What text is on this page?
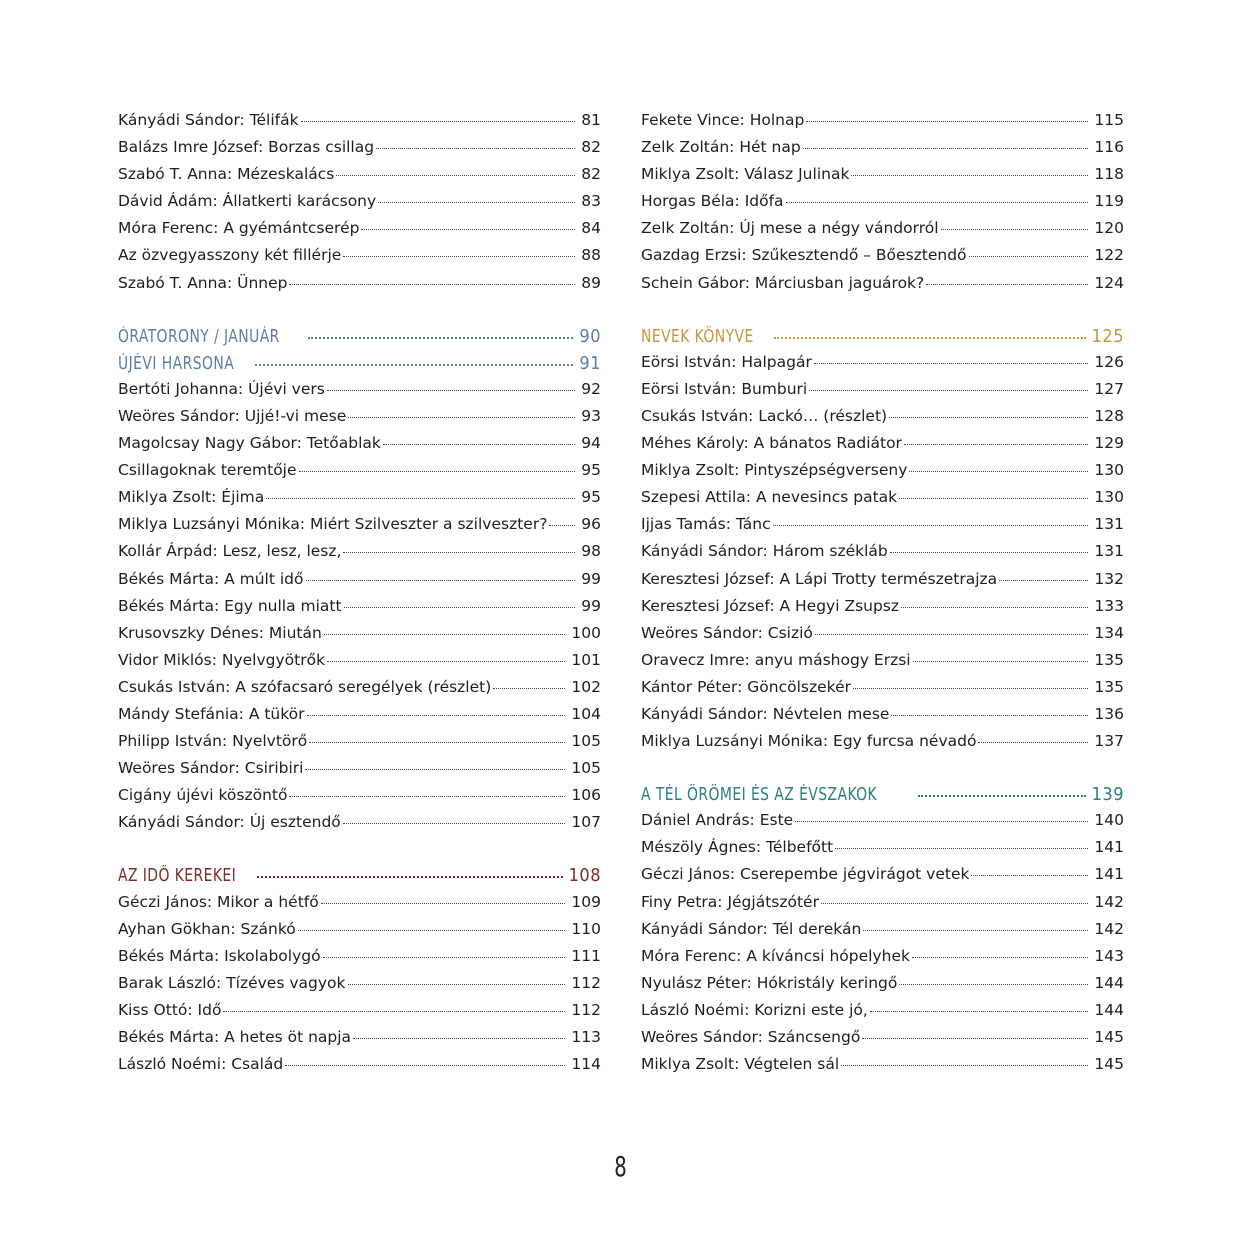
Kányádi Sándor: Télifák	81
Balázs Imre József: Borzas csillag	82
Szabó T. Anna: Mézeskalács	82
Dávid Ádám: Állatkerti karácsony	83
Móra Ferenc: A gyémántcserép	84
Az özvegyasszony két fillérje	88
Szabó T. Anna: Ünnep	89
ÓRATORONY / JANUÁR	90
ÚJÉVI HARSONA	91
Bertóti Johanna: Újévi vers	92
Weöres Sándor: Ujjé!-vi mese	93
Magolcsay Nagy Gábor: Tetőablak	94
Csillagoknak teremtője	95
Miklya Zsolt: Éjima	95
Miklya Luzsányi Mónika: Miért Szilveszter a szilveszter? 96
Kollár Árpád: Lesz, lesz, lesz,	98
Békés Márta: A múlt idő	99
Békés Márta: Egy nulla miatt	99
Krusovszky Dénes: Miután	100
Vidor Miklós: Nyelvgyötrők	101
Csukás István: A szófacsaró seregélyek (részlet)	102
Mándy Stefánia: A tükör	104
Philipp István: Nyelvtörő	105
Weöres Sándor: Csiribiri	105
Cigány újévi köszöntő	106
Kányádi Sándor: Új esztendő	107
AZ IDŐ KEREKEI	108
Géczi János: Mikor a hétfő	109
Ayhan Gökhan: Szánkó	110
Békés Márta: Iskolabolygó	111
Barak László: Tízéves vagyok	112
Kiss Ottó: Idő	112
Békés Márta: A hetes öt napja	113
László Noémi: Család	114
Fekete Vince: Holnap	115
Zelk Zoltán: Hét nap	116
Miklya Zsolt: Válasz Julinak	118
Horgas Béla: Időfa	119
Zelk Zoltán: Új mese a négy vándorról	120
Gazdag Erzsi: Szűkesztendő – Bőesztendő	122
Schein Gábor: Márciusban jaguárok?	124
NEVEK KÖNYVE	125
Eörsi István: Halpagár	126
Eörsi István: Bumburi	127
Csukás István: Lackó… (részlet)	128
Méhes Károly: A bánatos Radiátor	129
Miklya Zsolt: Pintyszépségverseny	130
Szepesi Attila: A nevesincs patak	130
Ijjas Tamás: Tánc	131
Kányádi Sándor: Három székláb	131
Keresztesi József: A Lápi Trotty természetrajza	132
Keresztesi József: A Hegyi Zsupsz	133
Weöres Sándor: Csizió	134
Oravecz Imre: anyu máshogy Erzsi	135
Kántor Péter: Göncölszekér	135
Kányádi Sándor: Névtelen mese	136
Miklya Luzsányi Mónika: Egy furcsa névadó	137
A TÉL ÖRÖMEI ÉS AZ ÉVSZAKOK	139
Dániel András: Este	140
Mészöly Ágnes: Télbefőtt	141
Géczi János: Cserepembe jégvirágot vetek	141
Finy Petra: Jégjátszótér	142
Kányádi Sándor: Tél derekán	142
Móra Ferenc: A kíváncsi hópelyhek	143
Nyulász Péter: Hókristály keringő	144
László Noémi: Korizni este jó,	144
Weöres Sándor: Száncsengő	145
Miklya Zsolt: Végtelen sál	145
8
